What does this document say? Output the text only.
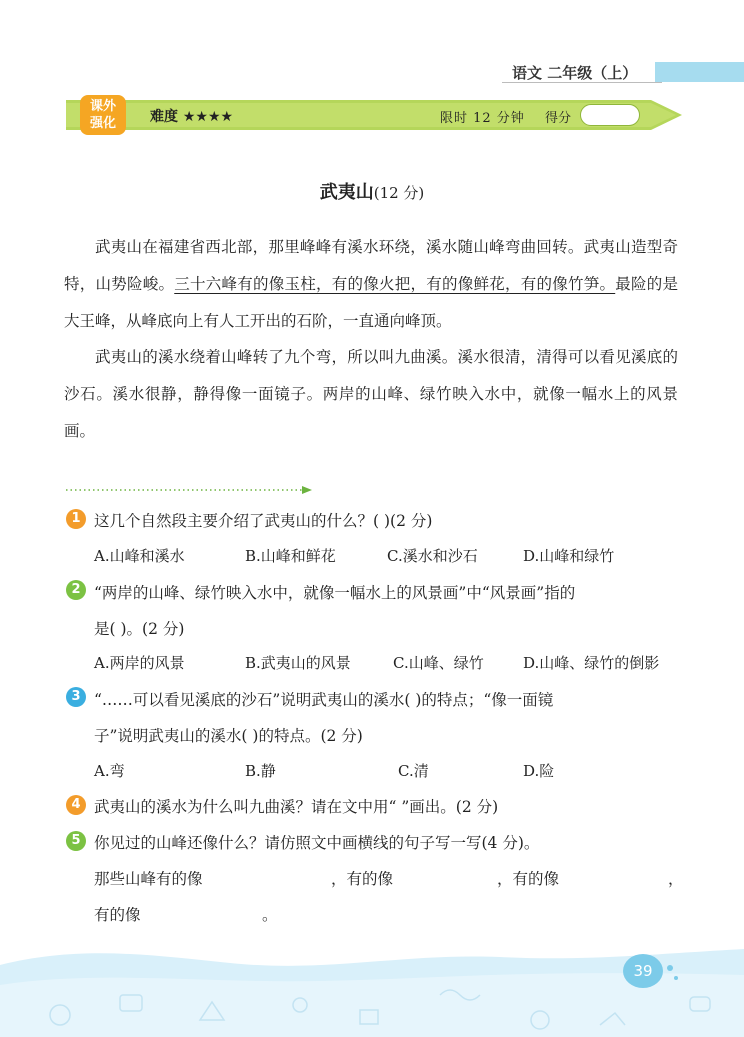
语文 二年级（上）
课外
强化	难度 ★★★★	限时 12 分钟 得分
武夷山(12 分)
武夷山在福建省西北部，那里峰峰有溪水环绕，溪水随山峰弯曲回转。武夷山造型奇特，山势险峻。三十六峰有的像玉柱，有的像火把，有的像鲜花，有的像竹笋。最险的是大王峰，从峰底向上有人工开出的石阶，一直通向峰顶。
武夷山的溪水绕着山峰转了九个弯，所以叫九曲溪。溪水很清，清得可以看见溪底的沙石。溪水很静，静得像一面镜子。两岸的山峰、绿竹映入水中，就像一幅水上的风景画。
1 这几个自然段主要介绍了武夷山的什么？( )(2 分)
A.山峰和溪水	B.山峰和鲜花	C.溪水和沙石	D.山峰和绿竹
2 “两岸的山峰、绿竹映入水中，就像一幅水上的风景画”中“风景画”指的
是( )。(2 分)
A.两岸的风景	B.武夷山的风景	C.山峰、绿竹	D.山峰、绿竹的倒影
3 “……可以看见溪底的沙石”说明武夷山的溪水( )的特点；“像一面镜
子”说明武夷山的溪水( )的特点。(2 分)
A.弯	B.静	C.清	D.险
4 武夷山的溪水为什么叫九曲溪？请在文中用“ ”画出。(2 分)
5 你见过的山峰还像什么？请仿照文中画横线的句子写一写(4 分)。
那些山峰有的像	，有的像	，有的像	，
有的像	。
39
